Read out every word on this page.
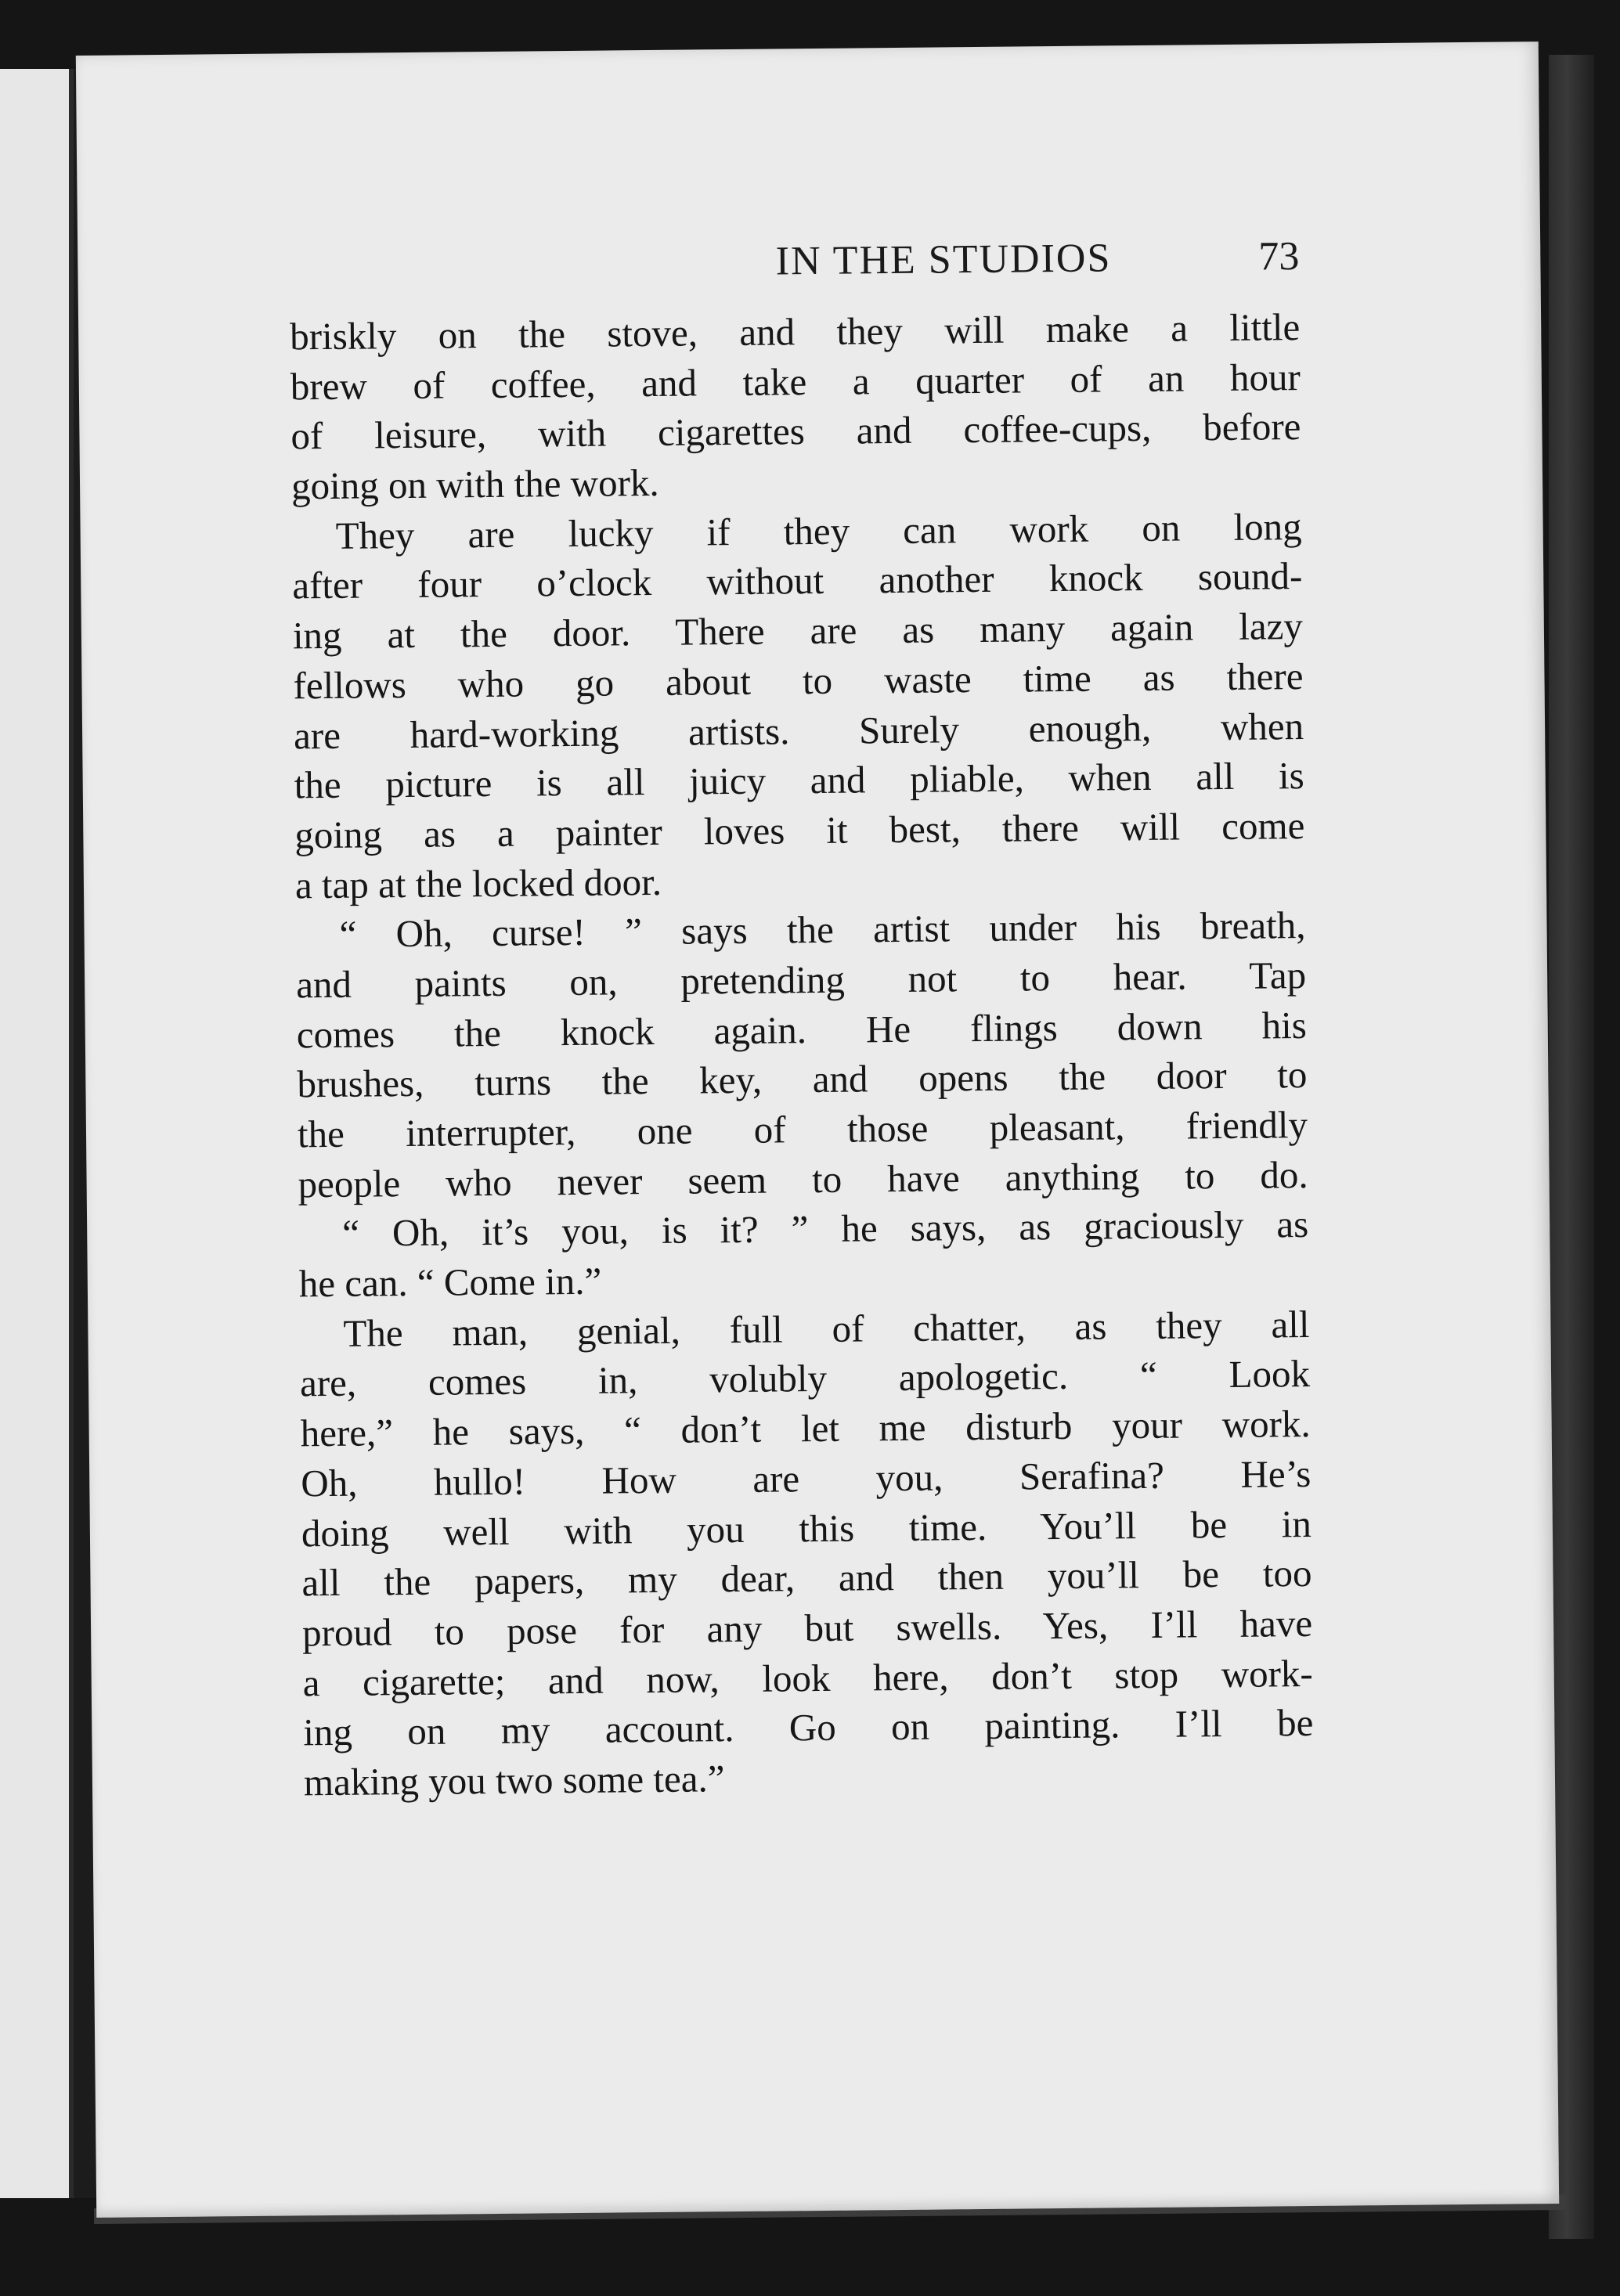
IN THE STUDIOS	73
briskly on the stove, and they will make a little
brew of coffee, and take a quarter of an hour
of leisure, with cigarettes and coffee-cups, before
going on with the work.
They are lucky if they can work on long
after four o’clock without another knock sound-
ing at the door. There are as many again lazy
fellows who go about to waste time as there
are hard-working artists. Surely enough, when
the picture is all juicy and pliable, when all is
going as a painter loves it best, there will come
a tap at the locked door.
“ Oh, curse! ” says the artist under his breath,
and paints on, pretending not to hear. Tap
comes the knock again. He flings down his
brushes, turns the key, and opens the door to
the interrupter, one of those pleasant, friendly
people who never seem to have anything to do.
“ Oh, it’s you, is it? ” he says, as graciously as
he can. “ Come in.”
The man, genial, full of chatter, as they all
are, comes in, volubly apologetic. “ Look
here,” he says, “ don’t let me disturb your work.
Oh, hullo! How are you, Serafina? He’s
doing well with you this time. You’ll be in
all the papers, my dear, and then you’ll be too
proud to pose for any but swells. Yes, I’ll have
a cigarette; and now, look here, don’t stop work-
ing on my account. Go on painting. I’ll be
making you two some tea.”
